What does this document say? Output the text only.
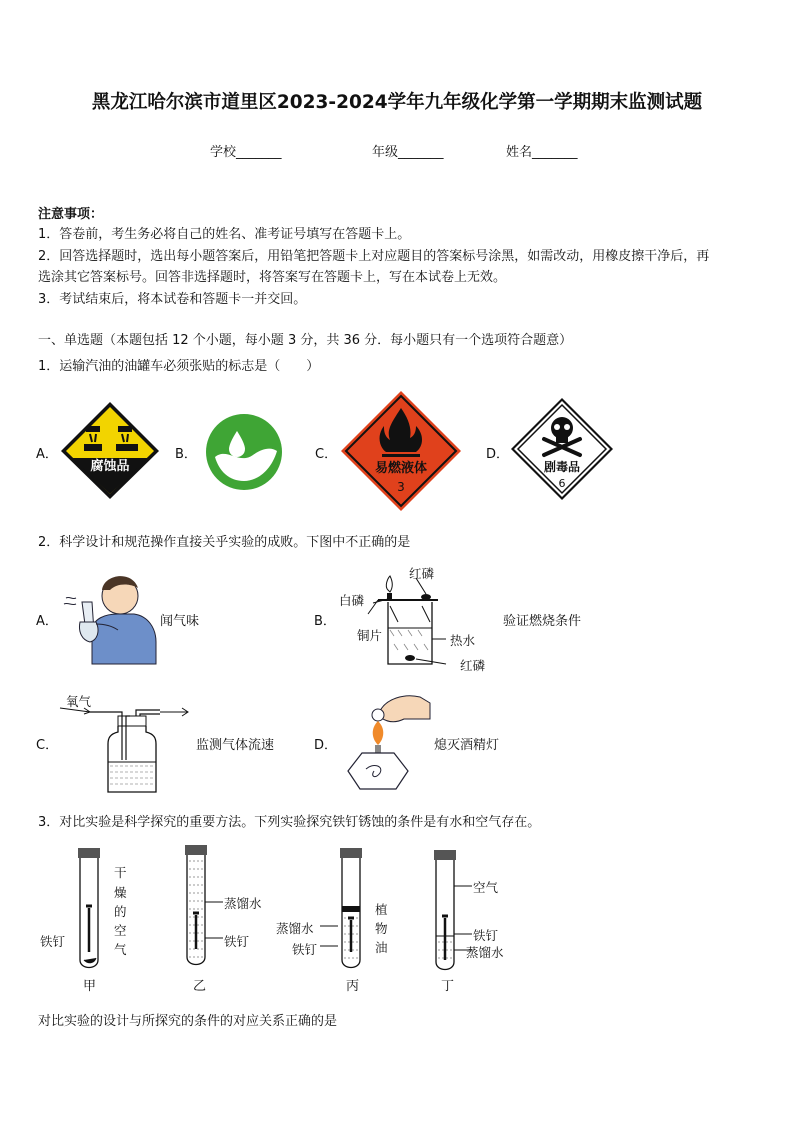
黑龙江哈尔滨市道里区2023-2024学年九年级化学第一学期期末监测试题
学校_______	年级_______	姓名_______
注意事项：
1．答卷前，考生务必将自己的姓名、准考证号填写在答题卡上。
2．回答选择题时，选出每小题答案后，用铅笔把答题卡上对应题目的答案标号涂黑，如需改动，用橡皮擦干净后，再
选涂其它答案标号。回答非选择题时，将答案写在答题卡上，写在本试卷上无效。
3．考试结束后，将本试卷和答题卡一并交回。
一、单选题（本题包括 12 个小题，每小题 3 分，共 36 分．每小题只有一个选项符合题意）
1．运输汽油的油罐车必须张贴的标志是（　　）
A．	B．	C．	D．
腐蚀品	易燃液体
3
剧毒品
6
2．科学设计和规范操作直接关乎实验的成败。下图中不正确的是
A．	闻气味	B．
红磷
白磷
铜片	热水
红磷
验证燃烧条件
C．
氧气
监测气体流速	D．	熄灭酒精灯
3．对比实验是科学探究的重要方法。下列实验探究铁钉锈蚀的条件是有水和空气存在。
干
燥
的
空
气
铁钉
甲
蒸馏水
铁钉
乙
蒸馏水
铁钉
植
物
油
丙
空气
铁钉
蒸馏水
丁
对比实验的设计与所探究的条件的对应关系正确的是
